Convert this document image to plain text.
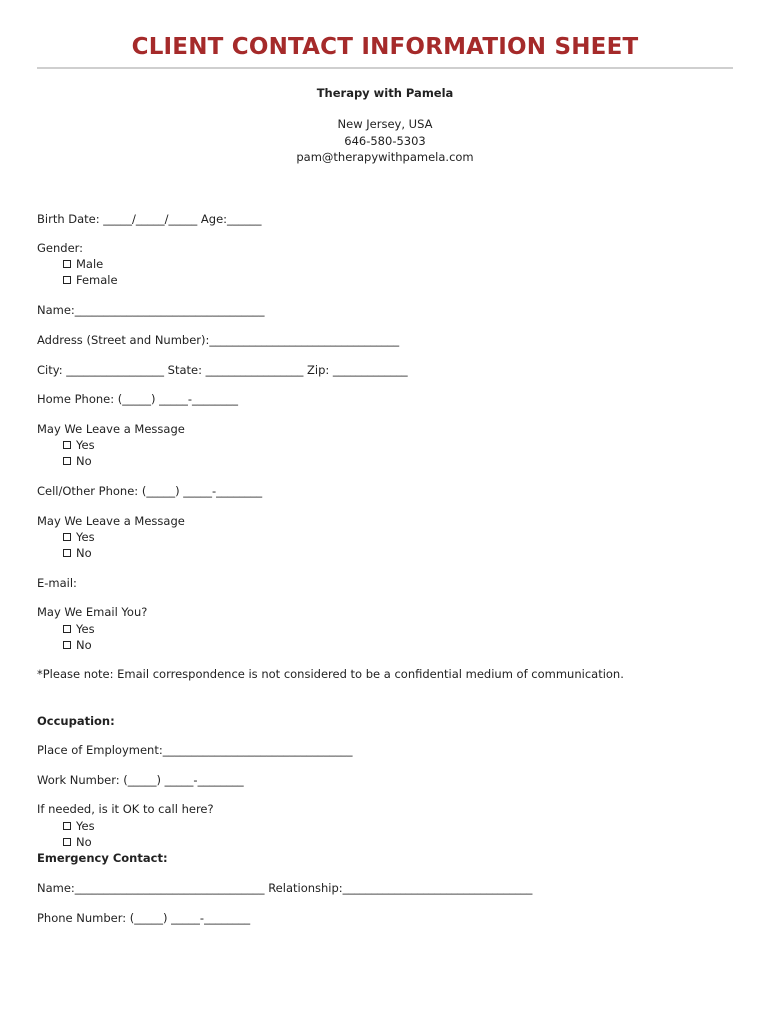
CLIENT CONTACT INFORMATION SHEET
Therapy with Pamela
New Jersey, USA
646-580-5303
pam@therapywithpamela.com
Birth Date: _____/_____/_____ Age:______
Gender:
Male
Female
Name:_________________________________
Address (Street and Number):_________________________________
City: _________________ State: _________________ Zip: _____________
Home Phone: (_____) _____-________
May We Leave a Message
Yes
No
Cell/Other Phone: (_____) _____-________
May We Leave a Message
Yes
No
E-mail:
May We Email You?
Yes
No
*Please note: Email correspondence is not considered to be a confidential medium of communication.
Occupation:
Place of Employment:_________________________________
Work Number: (_____) _____-________
If needed, is it OK to call here?
Yes
No
Emergency Contact:
Name:_________________________________ Relationship:_________________________________
Phone Number: (_____) _____-________
